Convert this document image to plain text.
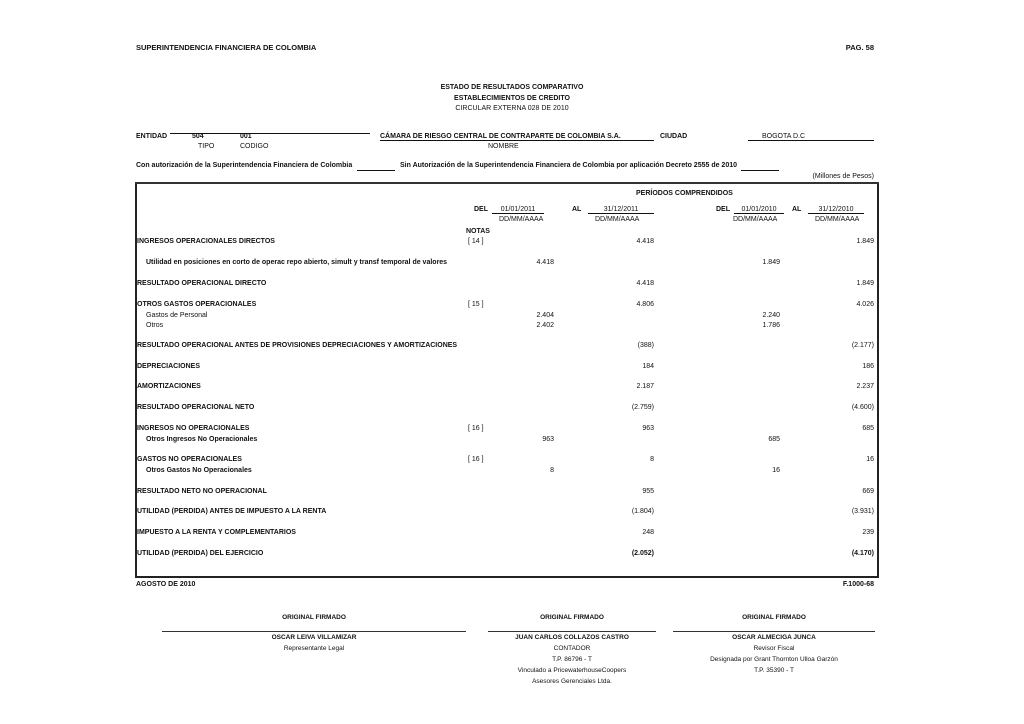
SUPERINTENDENCIA FINANCIERA DE COLOMBIA	PAG. 58
ESTADO DE RESULTADOS COMPARATIVO
ESTABLECIMIENTOS DE CREDITO
CIRCULAR EXTERNA 028 DE 2010
ENTIDAD	504	001	CÁMARA DE RIESGO CENTRAL DE CONTRAPARTE DE COLOMBIA S.A.	CIUDAD	BOGOTA D.C
TIPO	CODIGO	NOMBRE
Con autorización de la Superintendencia Financiera de Colombia	Sin Autorización de la Superintendencia Financiera de Colombia por aplicación Decreto 2555 de 2010
(Millones de Pesos)
PERÍODOS COMPRENDIDOS
DEL	01/01/2011	AL	31/12/2011	DEL	01/01/2010	AL	31/12/2010
DD/MM/AAAA	DD/MM/AAAA	DD/MM/AAAA	DD/MM/AAAA
NOTAS
INGRESOS OPERACIONALES DIRECTOS	[ 14 ]	4.418	1.849
Utilidad en posiciones en corto de operac repo abierto, simult y transf temporal de valores	4.418	1.849
RESULTADO OPERACIONAL DIRECTO	4.418	1.849
OTROS GASTOS OPERACIONALES	[ 15 ]	4.806	4.026
Gastos de Personal	2.404	2.240
Otros	2.402	1.786
RESULTADO OPERACIONAL ANTES DE PROVISIONES DEPRECIACIONES Y AMORTIZACIONES	(388)	(2.177)
DEPRECIACIONES	184	186
AMORTIZACIONES	2.187	2.237
RESULTADO OPERACIONAL NETO	(2.759)	(4.600)
INGRESOS NO OPERACIONALES	[ 16 ]	963	685
Otros Ingresos No Operacionales	963	685
GASTOS NO OPERACIONALES	[ 16 ]	8	16
Otros Gastos No Operacionales	8	16
RESULTADO NETO NO OPERACIONAL	955	669
UTILIDAD (PERDIDA) ANTES DE IMPUESTO A LA RENTA	(1.804)	(3.931)
IMPUESTO A LA RENTA Y COMPLEMENTARIOS	248	239
UTILIDAD (PERDIDA) DEL EJERCICIO	(2.052)	(4.170)
AGOSTO DE 2010	F.1000-68
ORIGINAL FIRMADO
OSCAR LEIVA VILLAMIZAR
Representante Legal
ORIGINAL FIRMADO
JUAN CARLOS COLLAZOS CASTRO
CONTADOR
T.P. 86796 - T
Vinculado a PricewaterhouseCoopers
Asesores Gerenciales Ltda.
ORIGINAL FIRMADO
OSCAR ALMECIGA JUNCA
Revisor Fiscal
Designada por Grant Thornton Ulloa Garzón
T.P. 35390 - T
